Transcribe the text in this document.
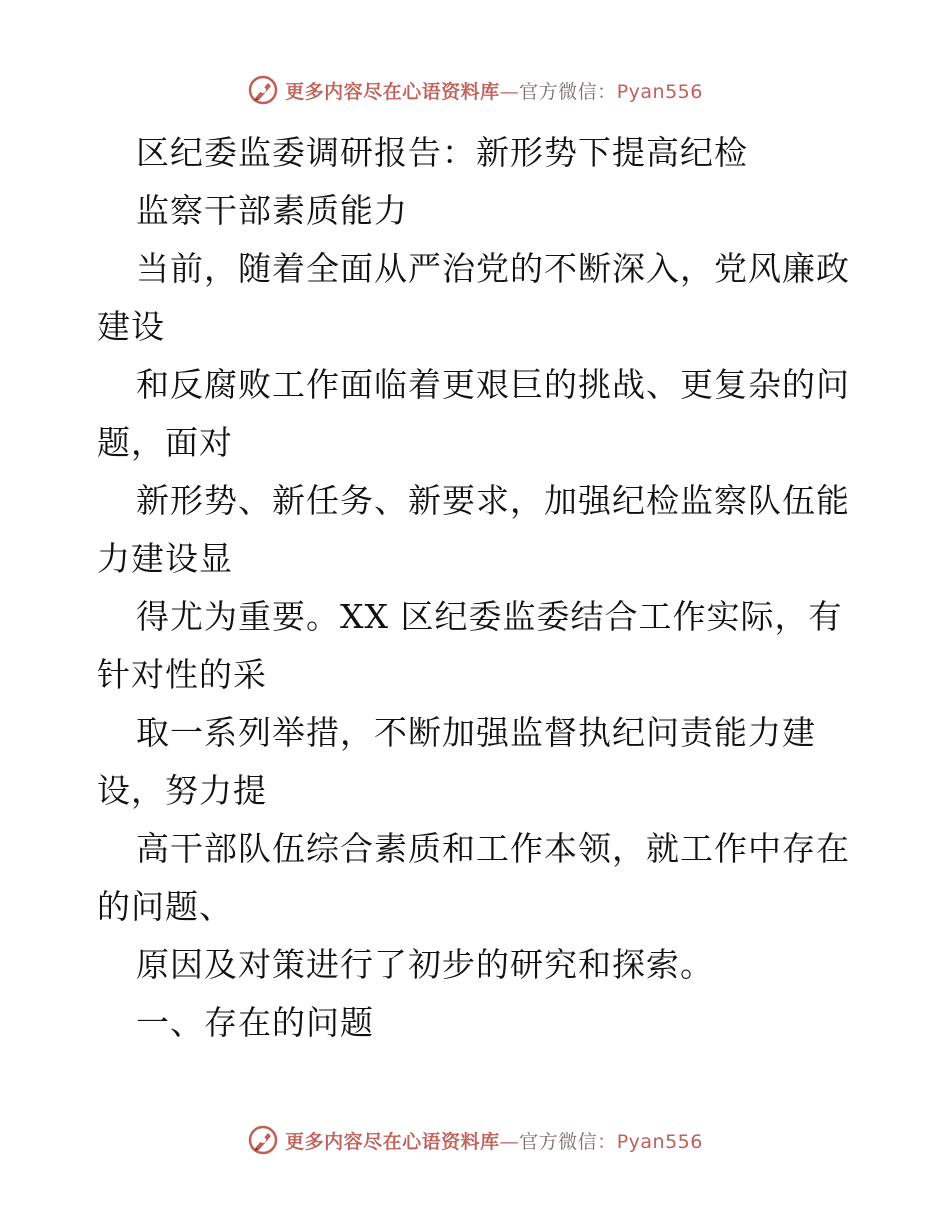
更多内容尽在心语资料库—官方微信：Pyan556
区纪委监委调研报告：新形势下提高纪检
监察干部素质能力
当前，随着全面从严治党的不断深入，党风廉政
建设
和反腐败工作面临着更艰巨的挑战、更复杂的问
题，面对
新形势、新任务、新要求，加强纪检监察队伍能
力建设显
得尤为重要。XX 区纪委监委结合工作实际，有
针对性的采
取一系列举措，不断加强监督执纪问责能力建
设，努力提
高干部队伍综合素质和工作本领，就工作中存在
的问题、
原因及对策进行了初步的研究和探索。
一、存在的问题
更多内容尽在心语资料库—官方微信：Pyan556
